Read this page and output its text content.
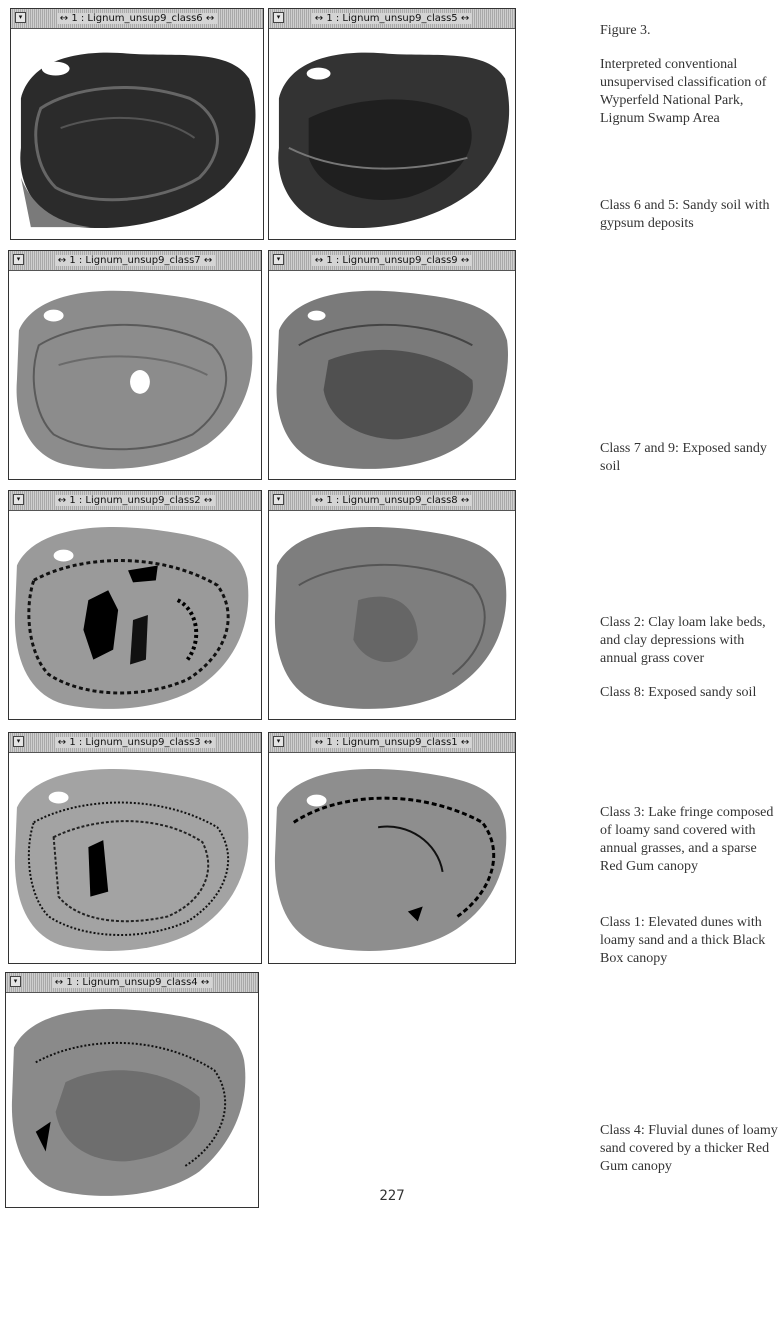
▾	↔ 1 : Lignum_unsup9_class6 ↔	▾	↔ 1 : Lignum_unsup9_class5 ↔
▾	↔ 1 : Lignum_unsup9_class7 ↔	▾	↔ 1 : Lignum_unsup9_class9 ↔
▾	↔ 1 : Lignum_unsup9_class2 ↔	▾	↔ 1 : Lignum_unsup9_class8 ↔
▾	↔ 1 : Lignum_unsup9_class3 ↔	▾	↔ 1 : Lignum_unsup9_class1 ↔
▾	↔ 1 : Lignum_unsup9_class4 ↔
Figure 3.
Interpreted conventional unsupervised classification of Wyperfeld National Park, Lignum Swamp Area
Class 6 and 5: Sandy soil with gypsum deposits
Class 7 and 9: Exposed sandy soil
Class 2: Clay loam lake beds, and clay depressions with annual grass cover
Class 8: Exposed sandy soil
Class 3: Lake fringe composed of loamy sand covered with annual grasses, and a sparse Red Gum canopy
Class 1: Elevated dunes with loamy sand and a thick Black Box canopy
Class 4: Fluvial dunes of loamy sand covered by a thicker Red Gum canopy
227
